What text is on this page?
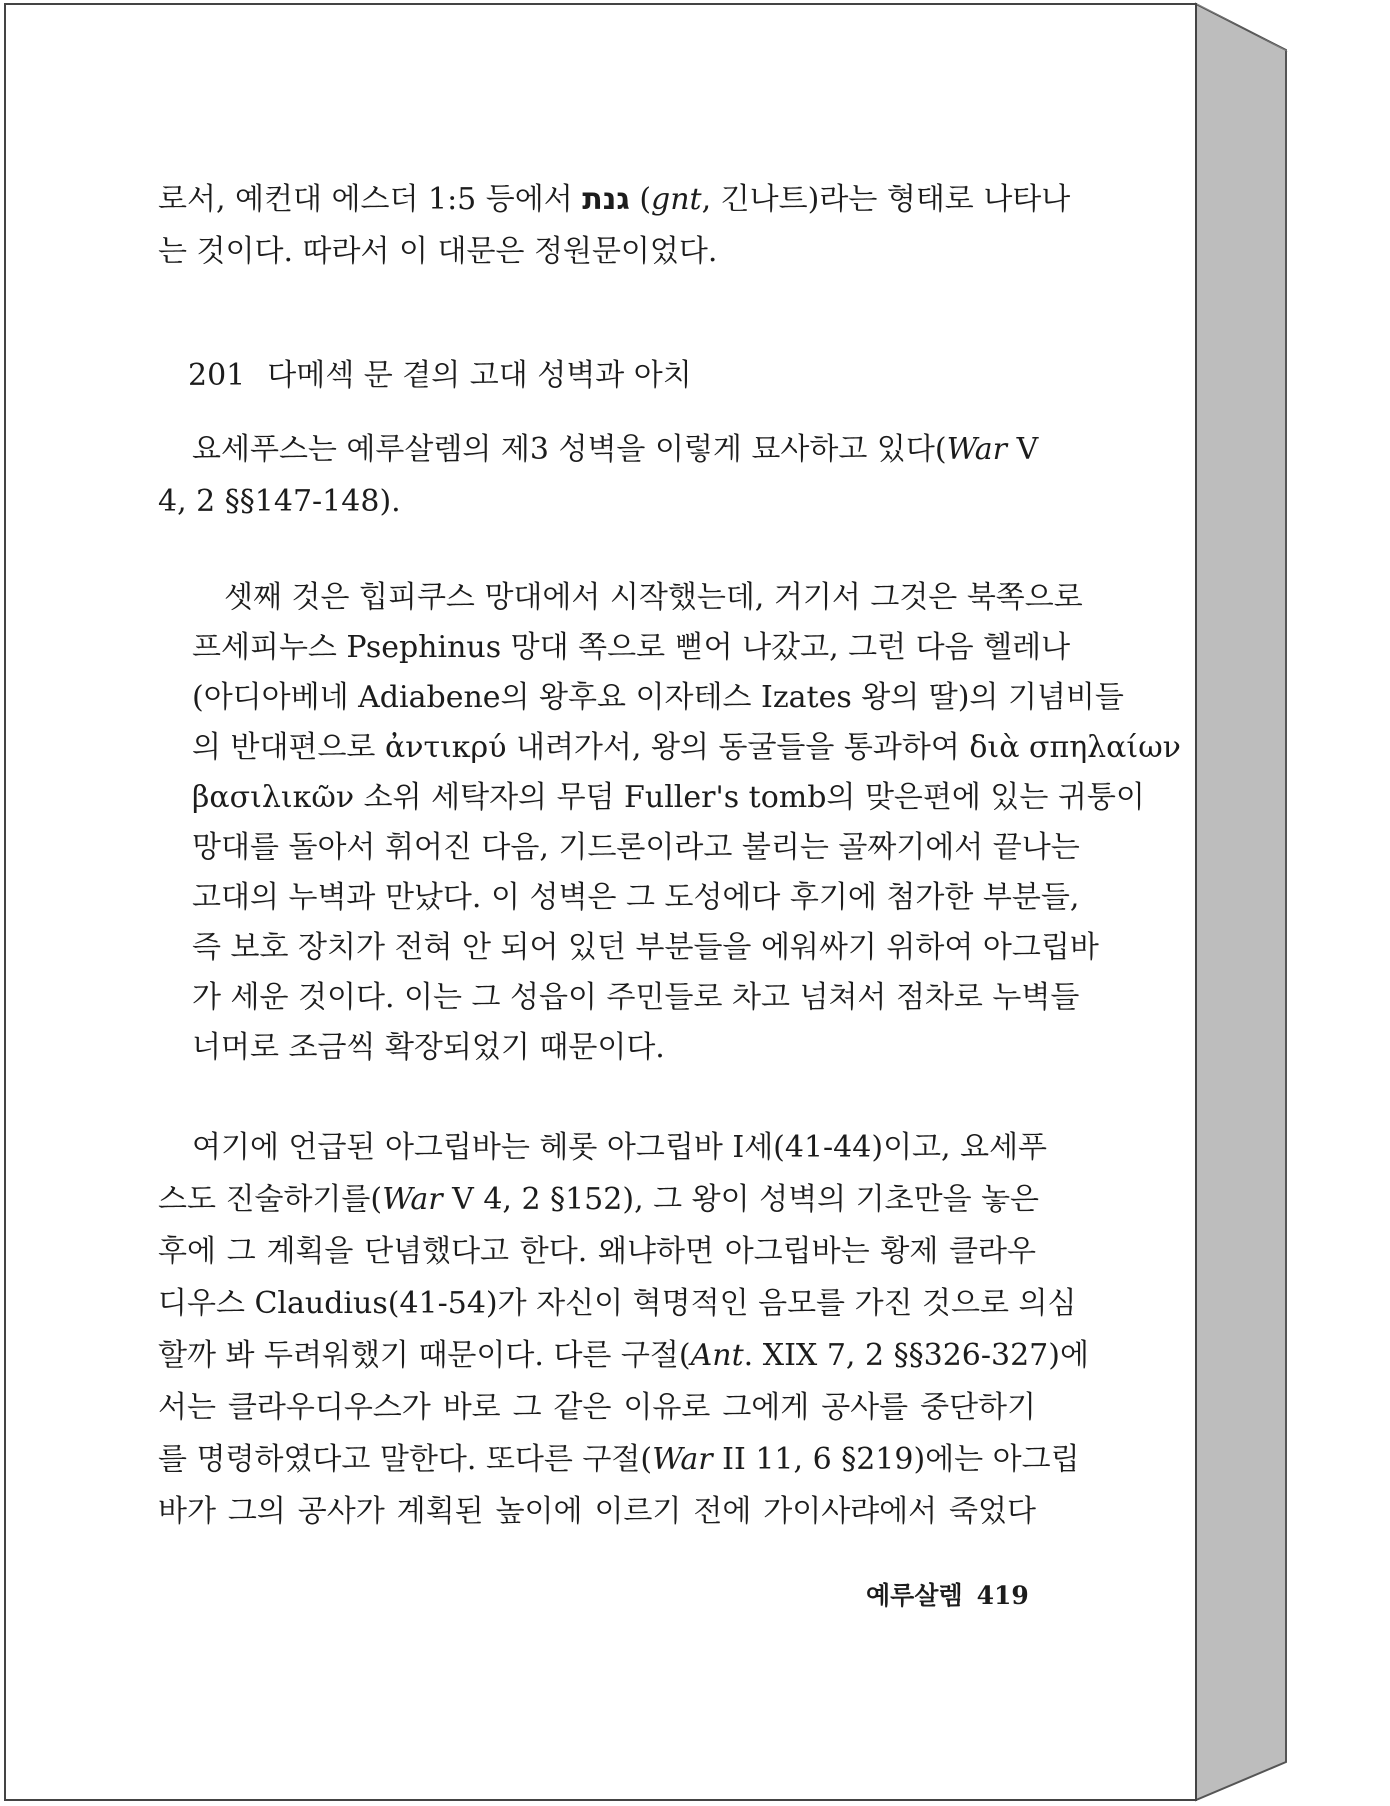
로서, 예컨대 에스더 1:5 등에서 גנת (gnt, 긴나트)라는 형태로 나타나
는 것이다. 따라서 이 대문은 정원문이었다.
201 다메섹 문 곁의 고대 성벽과 아치
요세푸스는 예루살렘의 제3 성벽을 이렇게 묘사하고 있다(War V
4, 2 §§147-148).
셋째 것은 힙피쿠스 망대에서 시작했는데, 거기서 그것은 북쪽으로
프세피누스 Psephinus 망대 쪽으로 뻗어 나갔고, 그런 다음 헬레나
(아디아베네 Adiabene의 왕후요 이자테스 Izates 왕의 딸)의 기념비들
의 반대편으로 ἀντικρύ 내려가서, 왕의 동굴들을 통과하여 διὰ σπηλαίων
βασιλικῶν 소위 세탁자의 무덤 Fuller's tomb의 맞은편에 있는 귀퉁이
망대를 돌아서 휘어진 다음, 기드론이라고 불리는 골짜기에서 끝나는
고대의 누벽과 만났다. 이 성벽은 그 도성에다 후기에 첨가한 부분들,
즉 보호 장치가 전혀 안 되어 있던 부분들을 에워싸기 위하여 아그립바
가 세운 것이다. 이는 그 성읍이 주민들로 차고 넘쳐서 점차로 누벽들
너머로 조금씩 확장되었기 때문이다.
여기에 언급된 아그립바는 헤롯 아그립바 I세(41-44)이고, 요세푸
스도 진술하기를(War V 4, 2 §152), 그 왕이 성벽의 기초만을 놓은
후에 그 계획을 단념했다고 한다. 왜냐하면 아그립바는 황제 클라우
디우스 Claudius(41-54)가 자신이 혁명적인 음모를 가진 것으로 의심
할까 봐 두려워했기 때문이다. 다른 구절(Ant. XIX 7, 2 §§326-327)에
서는 클라우디우스가 바로 그 같은 이유로 그에게 공사를 중단하기
를 명령하였다고 말한다. 또다른 구절(War II 11, 6 §219)에는 아그립
바가 그의 공사가 계획된 높이에 이르기 전에 가이사랴에서 죽었다
예루살렘 419
